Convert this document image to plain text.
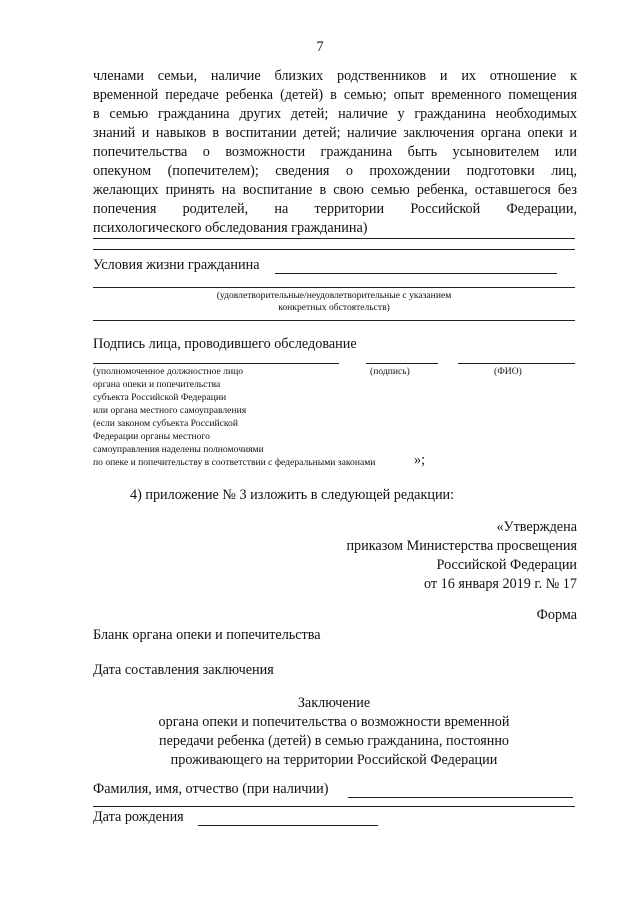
7
членами семьи, наличие близких родственников и их отношение к
временной передаче ребенка (детей) в семью; опыт временного помещения
в семью гражданина других детей; наличие у гражданина необходимых
знаний и навыков в воспитании детей; наличие заключения органа опеки и
попечительства о возможности гражданина быть усыновителем или
опекуном (попечителем); сведения о прохождении подготовки лиц,
желающих принять на воспитание в свою семью ребенка, оставшегося без
попечения родителей, на территории Российской Федерации,
психологического обследования гражданина)
Условия жизни гражданина
(удовлетворительные/неудовлетворительные с указанием
конкретных обстоятельств)
Подпись лица, проводившего обследование
(подпись)	(ФИО)
(уполномоченное должностное лицо
органа опеки и попечительства
субъекта Российской Федерации
или органа местного самоуправления
(если законом субъекта Российской
Федерации органы местного
самоуправления наделены полномочиями
по опеке и попечительству в соответствии с федеральными законами	»;
4) приложение № 3 изложить в следующей редакции:
«Утверждена
приказом Министерства просвещения
Российской Федерации
от 16 января 2019 г. № 17
Форма
Бланк органа опеки и попечительства
Дата составления заключения
Заключение
органа опеки и попечительства о возможности временной
передачи ребенка (детей) в семью гражданина, постоянно
проживающего на территории Российской Федерации
Фамилия, имя, отчество (при наличии)
Дата рождения
